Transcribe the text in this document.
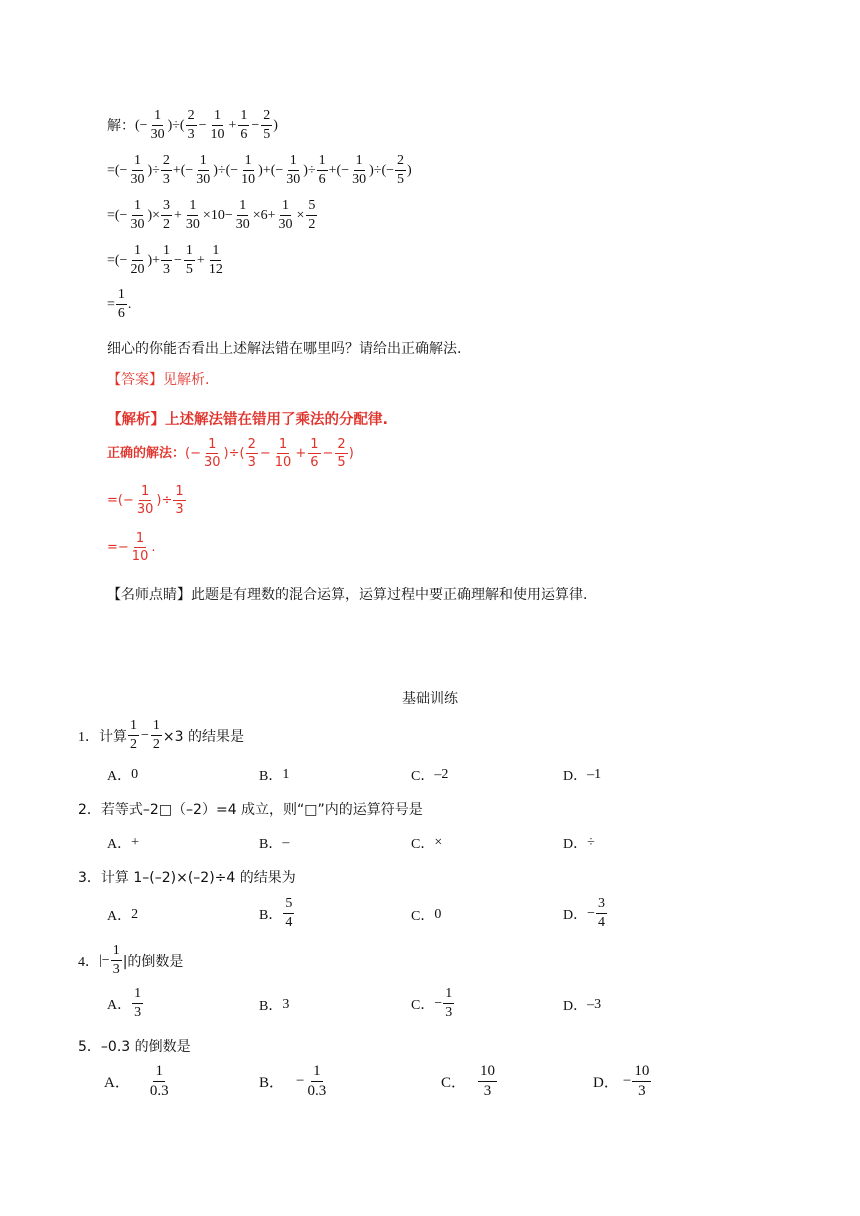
解： (− $\frac{1}{30}$ )÷( $\frac{2}{3} - \frac{1}{10} + \frac{1}{6} - \frac{2}{5}$ )
=(− $\frac{1}{30}$ )÷ $\frac{2}{3}$ +(− $\frac{1}{30}$ )÷(− $\frac{1}{10}$ )+(− $\frac{1}{30}$ )÷ $\frac{1}{6}$ +(− $\frac{1}{30}$ )÷(− $\frac{2}{5}$ )
=(− $\frac{1}{30}$ )× $\frac{3}{2} + \frac{1}{30} \times 10- \frac{1}{30} \times 6+ \frac{1}{30} \times \frac{5}{2}$
=(− $\frac{1}{20}$ )+ $\frac{1}{3} - \frac{1}{5} + \frac{1}{12}$
= $\frac{1}{6}$ .
细心的你能否看出上述解法错在哪里吗？请给出正确解法.
【答案】见解析.
【解析】上述解法错在错用了乘法的分配律.
正确的解法： (− $\frac{1}{30}$ )÷( $\frac{2}{3} - \frac{1}{10} + \frac{1}{6} - \frac{2}{5}$ )
=(− $\frac{1}{30}$ )÷ $\frac{1}{3}$
=− $\frac{1}{10}$ .
【名师点睛】此题是有理数的混合运算，运算过程中要正确理解和使用运算律.
基础训练
1． 计算 $\frac{1}{2} - \frac{1}{2} \times 3$ 的结果是
A． 0	B． 1	C． –2	D． –1
2． 若等式–2□（–2）=4 成立，则“□”内的运算符号是
A． +	B． –	C． ×	D． ÷
3． 计算 1–(–2)×(–2)÷4 的结果为
A． 2	B． $\frac{5}{4}$	C． 0	D． − $\frac{3}{4}$
4． |− $\frac{1}{3}$ |的倒数是
A． $\frac{1}{3}$	B． 3	C． − $\frac{1}{3}$	D． –3
5． –0.3 的倒数是
A． $\frac{1}{0.3}$	B． − $\frac{1}{0.3}$	C． $\frac{10}{3}$	D． − $\frac{10}{3}$
